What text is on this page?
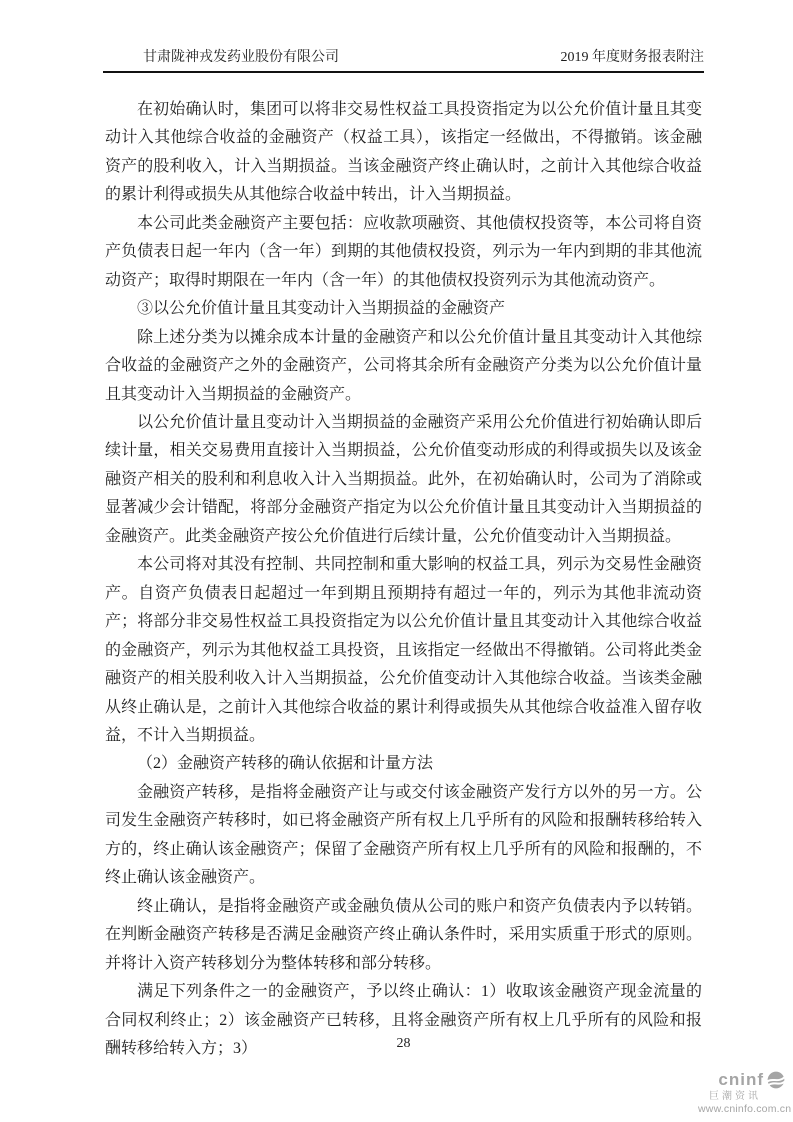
甘肃陇神戎发药业股份有限公司	2019 年度财务报表附注

在初始确认时，集团可以将非交易性权益工具投资指定为以公允价值计量且其变动计入其他综合收益的金融资产（权益工具），该指定一经做出，不得撤销。该金融资产的股利收入，计入当期损益。当该金融资产终止确认时，之前计入其他综合收益的累计利得或损失从其他综合收益中转出，计入当期损益。

本公司此类金融资产主要包括：应收款项融资、其他债权投资等，本公司将自资产负债表日起一年内（含一年）到期的其他债权投资，列示为一年内到期的非其他流动资产；取得时期限在一年内（含一年）的其他债权投资列示为其他流动资产。

③以公允价值计量且其变动计入当期损益的金融资产

除上述分类为以摊余成本计量的金融资产和以公允价值计量且其变动计入其他综合收益的金融资产之外的金融资产，公司将其余所有金融资产分类为以公允价值计量且其变动计入当期损益的金融资产。

以公允价值计量且变动计入当期损益的金融资产采用公允价值进行初始确认即后续计量，相关交易费用直接计入当期损益，公允价值变动形成的利得或损失以及该金融资产相关的股利和利息收入计入当期损益。此外，在初始确认时，公司为了消除或显著减少会计错配，将部分金融资产指定为以公允价值计量且其变动计入当期损益的金融资产。此类金融资产按公允价值进行后续计量，公允价值变动计入当期损益。

本公司将对其没有控制、共同控制和重大影响的权益工具，列示为交易性金融资产。自资产负债表日起超过一年到期且预期持有超过一年的，列示为其他非流动资产；将部分非交易性权益工具投资指定为以公允价值计量且其变动计入其他综合收益的金融资产，列示为其他权益工具投资，且该指定一经做出不得撤销。公司将此类金融资产的相关股利收入计入当期损益，公允价值变动计入其他综合收益。当该类金融从终止确认是，之前计入其他综合收益的累计利得或损失从其他综合收益准入留存收益，不计入当期损益。

（2）金融资产转移的确认依据和计量方法

金融资产转移，是指将金融资产让与或交付该金融资产发行方以外的另一方。公司发生金融资产转移时，如已将金融资产所有权上几乎所有的风险和报酬转移给转入方的，终止确认该金融资产；保留了金融资产所有权上几乎所有的风险和报酬的，不终止确认该金融资产。

终止确认，是指将金融资产或金融负债从公司的账户和资产负债表内予以转销。在判断金融资产转移是否满足金融资产终止确认条件时，采用实质重于形式的原则。并将计入资产转移划分为整体转移和部分转移。

满足下列条件之一的金融资产，予以终止确认：1）收取该金融资产现金流量的合同权利终止；2）该金融资产已转移，且将金融资产所有权上几乎所有的风险和报酬转移给转入方；3）	28
cninf
巨潮资讯
www.cninfo.com.cn
